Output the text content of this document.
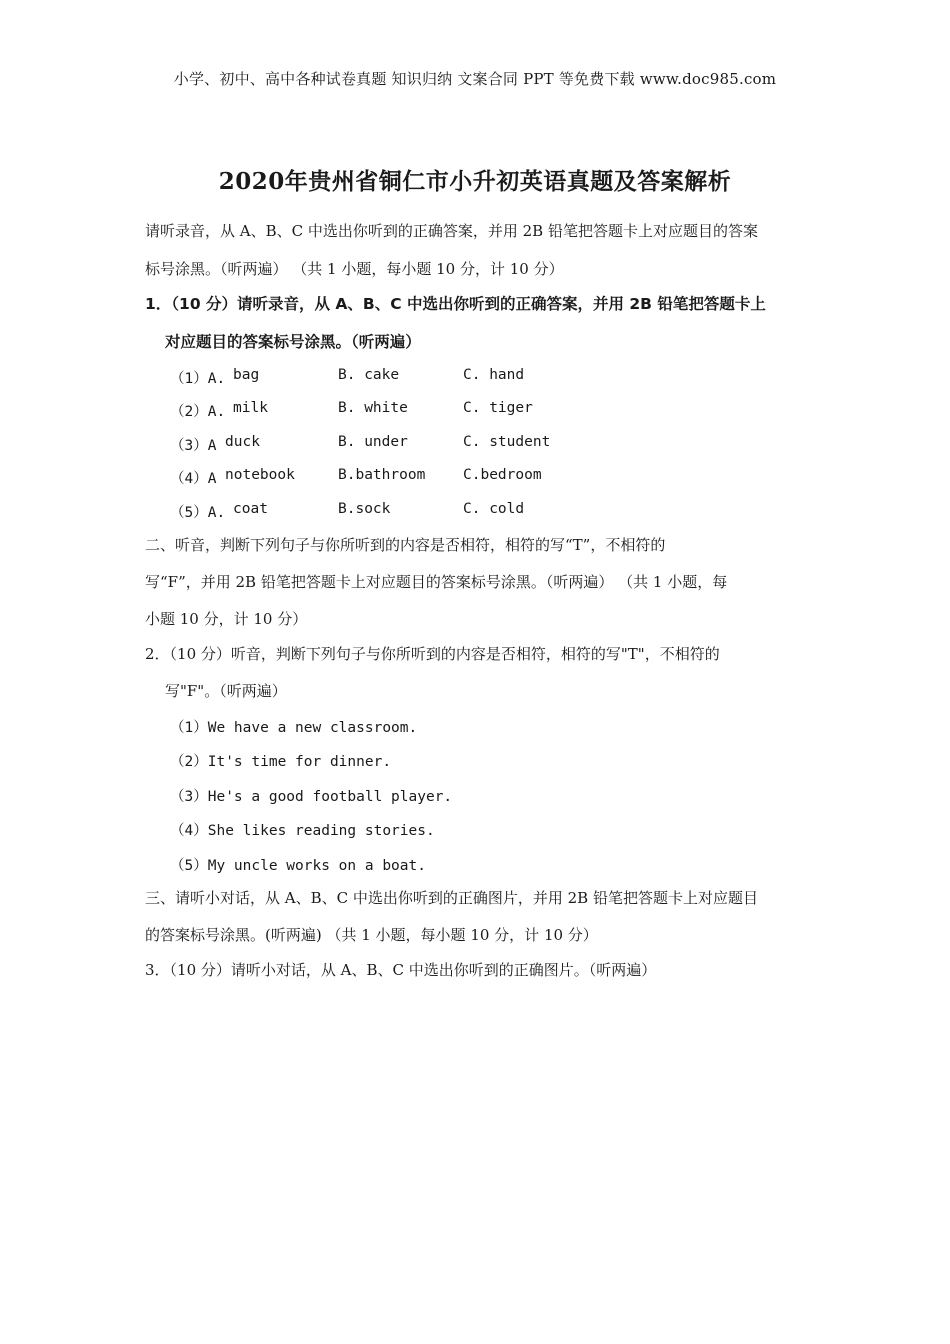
小学、初中、高中各种试卷真题 知识归纳 文案合同 PPT 等免费下载 www.doc985.com
2020年贵州省铜仁市小升初英语真题及答案解析
请听录音，从 A、B、C 中选出你听到的正确答案，并用 2B 铅笔把答题卡上对应题目的答案
标号涂黑。（听两遍） （共 1 小题，每小题 10 分，计 10 分）
1．（10 分）请听录音，从 A、B、C 中选出你听到的正确答案，并用 2B 铅笔把答题卡上
对应题目的答案标号涂黑。（听两遍）
（1）A. bag	B. cake	C. hand
（2）A. milk	B. white	C. tiger
（3）A duck	B. under	C. student
（4）A notebook	B.bathroom	C.bedroom
（5）A. coat	B.sock	C. cold
二、听音，判断下列句子与你所听到的内容是否相符，相符的写“T”，不相符的
写“F”，并用 2B 铅笔把答题卡上对应题目的答案标号涂黑。（听两遍） （共 1 小题，每
小题 10 分，计 10 分）
2．（10 分）听音，判断下列句子与你所听到的内容是否相符，相符的写"T"，不相符的
写"F"。（听两遍）
（1）We have a new classroom.
（2）It's time for dinner.
（3）He's a good football player.
（4）She likes reading stories.
（5）My uncle works on a boat.
三、请听小对话，从 A、B、C 中选出你听到的正确图片，并用 2B 铅笔把答题卡上对应题目
的答案标号涂黑。(听两遍) （共 1 小题，每小题 10 分，计 10 分）
3．（10 分）请听小对话，从 A、B、C 中选出你听到的正确图片。（听两遍）
